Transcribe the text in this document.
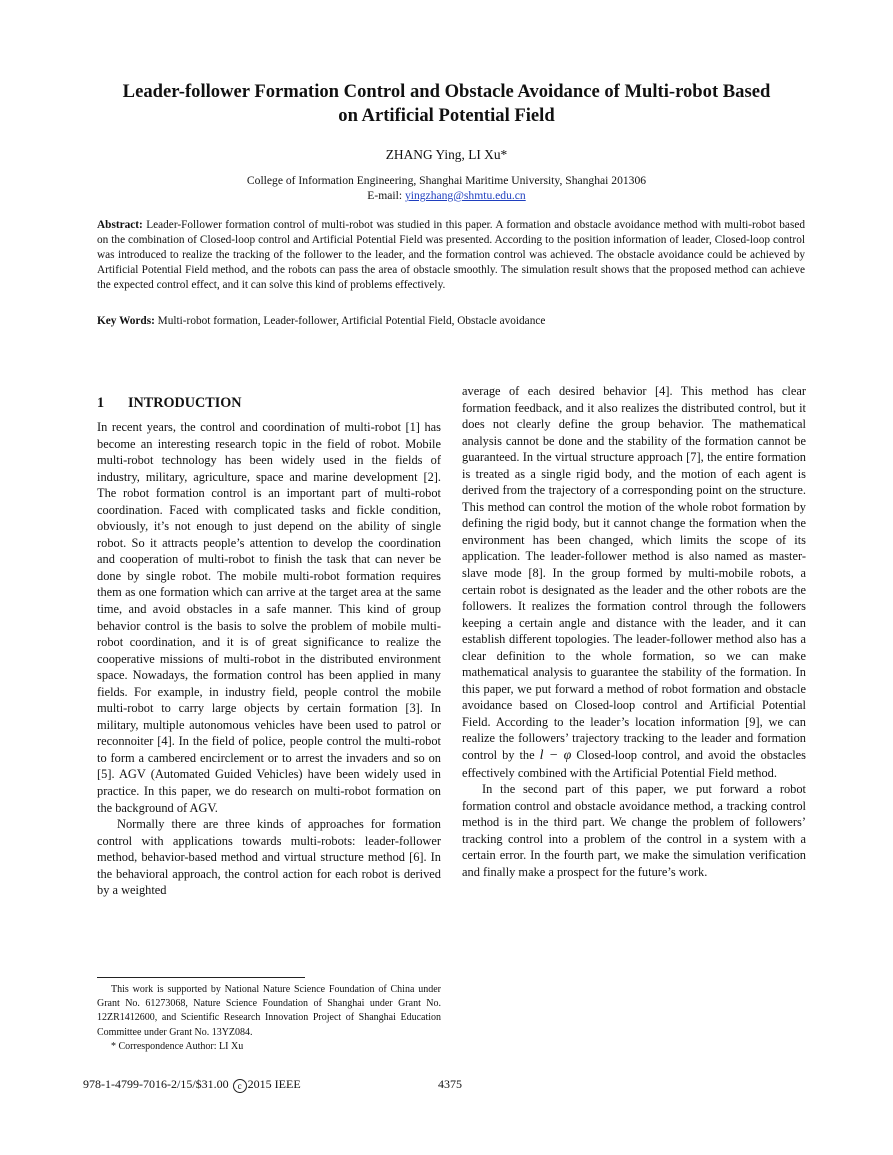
Leader-follower Formation Control and Obstacle Avoidance of Multi-robot Based
on Artificial Potential Field
ZHANG Ying, LI Xu*
College of Information Engineering, Shanghai Maritime University, Shanghai 201306
E-mail: yingzhang@shmtu.edu.cn
Abstract: Leader-Follower formation control of multi-robot was studied in this paper. A formation and obstacle avoidance method with multi-robot based on the combination of Closed-loop control and Artificial Potential Field was presented. According to the position information of leader, Closed-loop control was introduced to realize the tracking of the follower to the leader, and the formation control was achieved. The obstacle avoidance could be achieved by Artificial Potential Field method, and the robots can pass the area of obstacle smoothly. The simulation result shows that the proposed method can achieve the expected control effect, and it can solve this kind of problems effectively.
Key Words: Multi-robot formation, Leader-follower, Artificial Potential Field, Obstacle avoidance
1 INTRODUCTION

In recent years, the control and coordination of multi-robot [1] has become an interesting research topic in the field of robot. Mobile multi-robot technology has been widely used in the fields of industry, military, agriculture, space and marine development [2]. The robot formation control is an important part of multi-robot coordination. Faced with complicated tasks and fickle condition, obviously, it’s not enough to just depend on the ability of single robot. So it attracts people’s attention to develop the coordination and cooperation of multi-robot to finish the task that can never be done by single robot. The mobile multi-robot formation requires them as one formation which can arrive at the target area at the same time, and avoid obstacles in a safe manner. This kind of group behavior control is the basis to solve the problem of mobile multi-robot coordination, and it is of great significance to realize the cooperative missions of multi-robot in the distributed environment space. Nowadays, the formation control has been applied in many fields. For example, in industry field, people control the mobile multi-robot to carry large objects by certain formation [3]. In military, multiple autonomous vehicles have been used to patrol or reconnoiter [4]. In the field of police, people control the multi-robot to form a cambered encirclement or to arrest the invaders and so on [5]. AGV (Automated Guided Vehicles) have been widely used in practice. In this paper, we do research on multi-robot formation on the background of AGV.

Normally there are three kinds of approaches for formation control with applications towards multi-robots: leader-follower method, behavior-based method and virtual structure method [6]. In the behavioral approach, the control action for each robot is derived by a weighted

average of each desired behavior [4]. This method has clear formation feedback, and it also realizes the distributed control, but it does not clearly define the group behavior. The mathematical analysis cannot be done and the stability of the formation cannot be guaranteed. In the virtual structure approach [7], the entire formation is treated as a single rigid body, and the motion of each agent is derived from the trajectory of a corresponding point on the structure. This method can control the motion of the whole robot formation by defining the rigid body, but it cannot change the formation when the environment has been changed, which limits the scope of its application. The leader-follower method is also named as master-slave mode [8]. In the group formed by multi-mobile robots, a certain robot is designated as the leader and the other robots are the followers. It realizes the formation control through the followers keeping a certain angle and distance with the leader, and it can establish different topologies. The leader-follower method also has a clear definition to the whole formation, so we can make mathematical analysis to guarantee the stability of the formation. In this paper, we put forward a method of robot formation and obstacle avoidance based on Closed-loop control and Artificial Potential Field. According to the leader’s location information [9], we can realize the followers’ trajectory tracking to the leader and formation control by the l − φ Closed-loop control, and avoid the obstacles effectively combined with the Artificial Potential Field method.

In the second part of this paper, we put forward a robot formation control and obstacle avoidance method, a tracking control method is in the third part. We change the problem of followers’ tracking control into a problem of the control in a system with a certain error. In the fourth part, we make the simulation verification and finally make a prospect for the future’s work.

This work is supported by National Nature Science Foundation of China under Grant No. 61273068, Nature Science Foundation of Shanghai under Grant No. 12ZR1412600, and Scientific Research Innovation Project of Shanghai Education Committee under Grant No. 13YZ084.

* Correspondence Author: LI Xu

978-1-4799-7016-2/15/$31.00 c 2015 IEEE	4375
